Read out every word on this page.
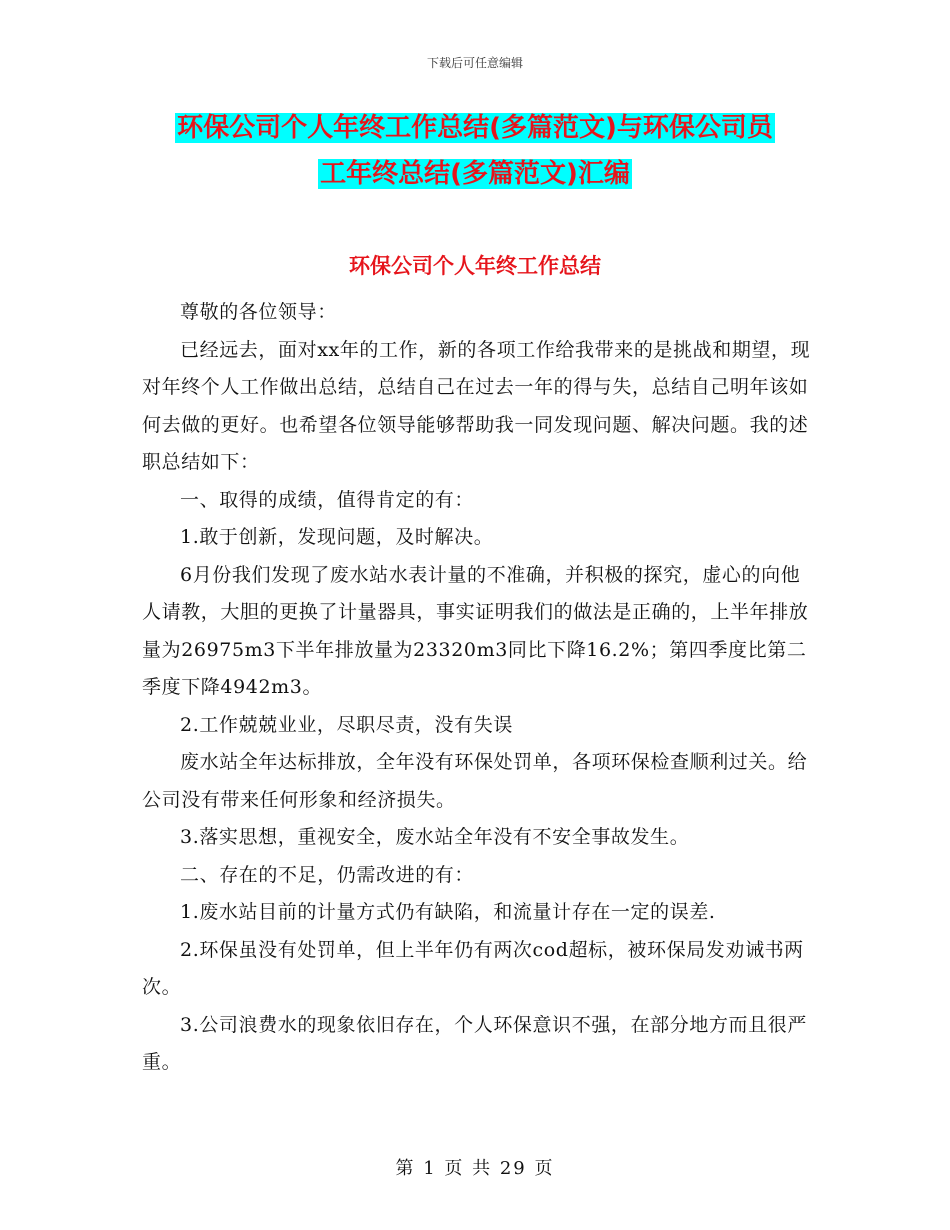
下载后可任意编辑
环保公司个人年终工作总结(多篇范文)与环保公司员
工年终总结(多篇范文)汇编
环保公司个人年终工作总结

尊敬的各位领导：

已经远去，面对xx年的工作，新的各项工作给我带来的是挑战和期望，现对年终个人工作做出总结，总结自己在过去一年的得与失，总结自己明年该如何去做的更好。也希望各位领导能够帮助我一同发现问题、解决问题。我的述职总结如下：

一、取得的成绩，值得肯定的有：

1.敢于创新，发现问题，及时解决。

6月份我们发现了废水站水表计量的不准确，并积极的探究，虚心的向他人请教，大胆的更换了计量器具，事实证明我们的做法是正确的，上半年排放量为26975m3下半年排放量为23320m3同比下降16.2%；第四季度比第二季度下降4942m3。

2.工作兢兢业业，尽职尽责，没有失误

废水站全年达标排放，全年没有环保处罚单，各项环保检查顺利过关。给公司没有带来任何形象和经济损失。

3.落实思想，重视安全，废水站全年没有不安全事故发生。

二、存在的不足，仍需改进的有：

1.废水站目前的计量方式仍有缺陷，和流量计存在一定的误差.

2.环保虽没有处罚单，但上半年仍有两次cod超标，被环保局发劝诫书两次。

3.公司浪费水的现象依旧存在，个人环保意识不强，在部分地方而且很严重。

第 1 页 共 29 页
